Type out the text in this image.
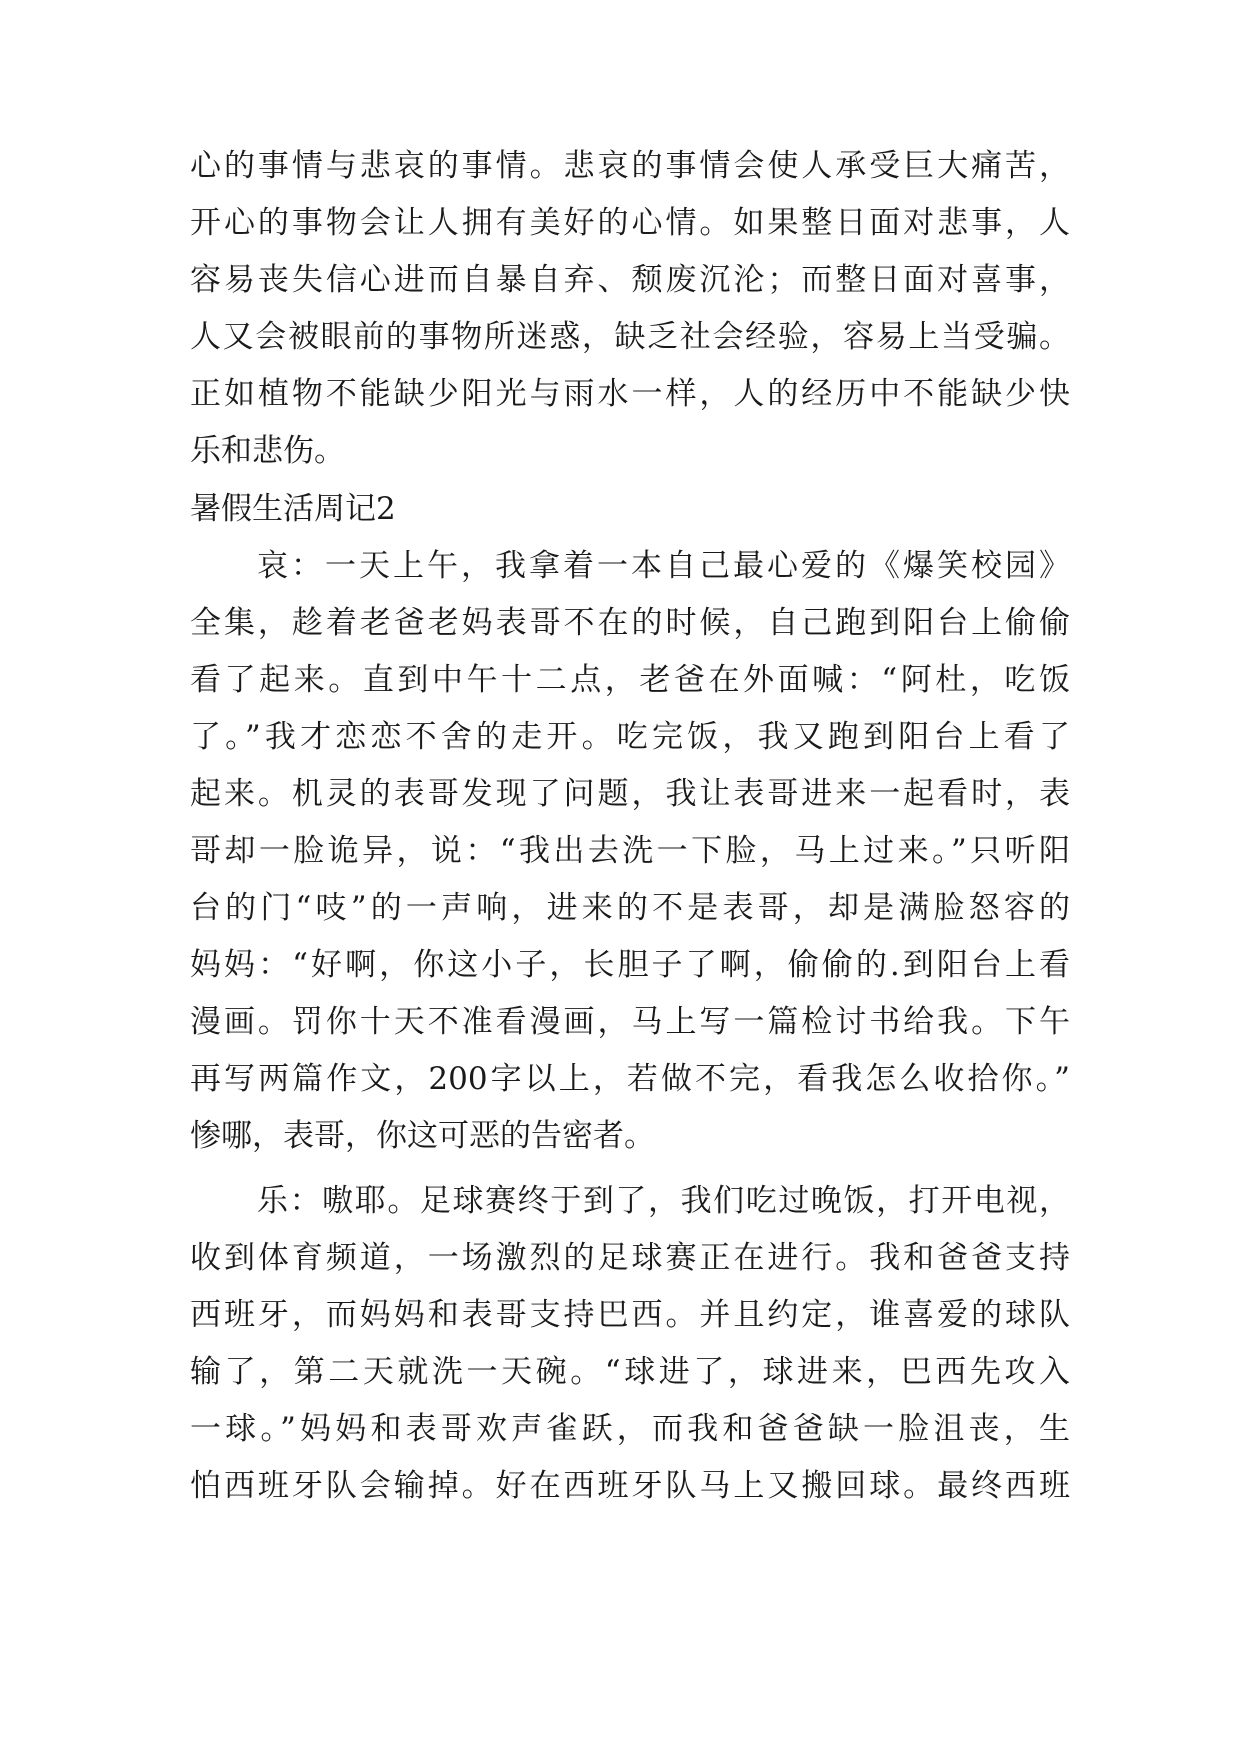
心的事情与悲哀的事情。悲哀的事情会使人承受巨大痛苦，
开心的事物会让人拥有美好的心情。如果整日面对悲事，人
容易丧失信心进而自暴自弃、颓废沉沦；而整日面对喜事，
人又会被眼前的事物所迷惑，缺乏社会经验，容易上当受骗。
正如植物不能缺少阳光与雨水一样，人的经历中不能缺少快
乐和悲伤。
暑假生活周记2
哀：一天上午，我拿着一本自己最心爱的《爆笑校园》
全集，趁着老爸老妈表哥不在的时候，自己跑到阳台上偷偷
看了起来。直到中午十二点，老爸在外面喊：“阿杜，吃饭
了。”我才恋恋不舍的走开。吃完饭，我又跑到阳台上看了
起来。机灵的表哥发现了问题，我让表哥进来一起看时，表
哥却一脸诡异，说：“我出去洗一下脸，马上过来。”只听阳
台的门“吱”的一声响，进来的不是表哥，却是满脸怒容的
妈妈：“好啊，你这小子，长胆子了啊，偷偷的.到阳台上看
漫画。罚你十天不准看漫画，马上写一篇检讨书给我。下午
再写两篇作文，200字以上，若做不完，看我怎么收拾你。”
惨哪，表哥，你这可恶的告密者。
乐：嗷耶。足球赛终于到了，我们吃过晚饭，打开电视，
收到体育频道，一场激烈的足球赛正在进行。我和爸爸支持
西班牙，而妈妈和表哥支持巴西。并且约定，谁喜爱的球队
输了，第二天就洗一天碗。“球进了，球进来，巴西先攻入
一球。”妈妈和表哥欢声雀跃，而我和爸爸缺一脸沮丧，生
怕西班牙队会输掉。好在西班牙队马上又搬回球。最终西班
